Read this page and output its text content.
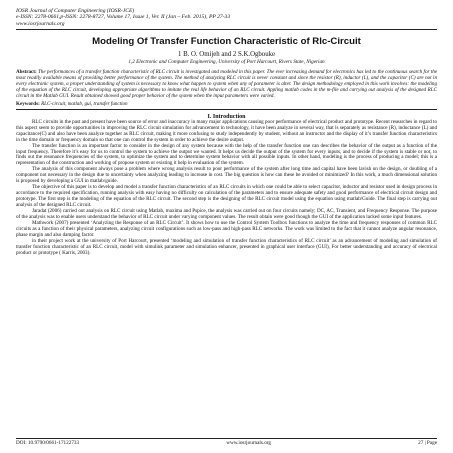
IOSR Journal of Computer Engineering (IOSR-JCE)
e-ISSN: 2278-0661,p-ISSN: 2278-8727, Volume 17, Issue 1, Ver. II (Jan – Feb. 2015), PP 27-33
www.iosrjournals.org
Modeling Of Transfer Function Characteristic of Rlc-Circuit
1 B. O. Omijeh and 2 S.K.Ogbouke
1,2 Electronic and Computer Engineering, University of Port Harcourt, Rivers State, Nigerian
Abstract: The performances of a transfer function characteristic of RLC circuit is investigated and modeled in this paper. The ever increasing demand for electronics has led to the continuous search for the most readily available means of providing better performance of the system. The method of analyzing RLC circuit is never constant and since the resistor (R), inductor (L), and the capacitor (C) are not in every electronic system, a proper understanding of system is necessary to know what happen to system when any of parameter is alter. The design methodology employed in this work involves: the modeling of the equation of the RLC circuit, developing appropriate algorithms to imitate the real life behavior of an RLC circuit. Appling matlab codes in the m-file and carrying out analysis of the designed RLC circuit in the Matlab GUI. Result obtained showed good proper behavior of the system when the input parameters were varied.
Keywords: RLC-circuit, matlab, gui, transfer function
I. Introduction

RLC circuits in the past and present have been source of error and inaccuracy in many major applications causing poor performance of electrical product and prototype. Recent researches in regard to this aspect seem to provide opportunities in improving the RLC circuit simulation for advancement in technology, it have been analyze in several way, that is separately as resistance (R), inductance (L) and capacitance(C) and also have been analyze together as RLC circuit, making it more confusing to study independently by student, without an instructor and the display of it’s transfer function characteristics in the time domain or frequency domain so that one can control the system in order to achieve the desire output.

The transfer function is an important factor to consider in the design of any system because with the help of the transfer function one can describes the behavior of the output as a function of the input frequency. Therefore it’s easy for us to control the system to achieve the output we wanted. It helps us decide the output of the system for every inputs, and to decide if the system is stable or not, to finds out the resonance frequencies of the system, to optimize the system and to determine system behavior with all possible inputs. In other hand, modeling is the process of producing a model; this is a representation of the construction and working of propose system or existing it help in evaluation of the system.

The analysis of this component always pose a problem where wrong analysis result to poor performance of the system after long time and capital have been lavish on the design, or doubling of a component not necessary in the design due to uncertainty when analyzing leading to increase in cost. The big question is how can these be avoided or minimized? In this work, a much dimensional solution is proposed by developing a GUI in matlab/guide.

The objective of this paper is to develop and model a transfer function characteristics of an RLC circuits in which one could be able to select capacitor, inductor and resistor used in design process in accordance to the required specification, running analysis with easy having no difficulty on calculation of the parameters and to ensure adequate safety and good performance of electrical circuit design and prototype. The first step is the modeling of the equation of the RLC circuit. The second step is the designing of the RLC circuit model using the equation using matlab/Guide. The final step is carrying out analysis of the designed RLC circuit.

Jaradat (2006) carried out analysis on RLC circuit using Matlab, maxima and Pspice, the analysis was carried out on four circuits namely; DC, AC, Transient, and Frequency Response. The purpose of the analysis was to enable users understand the behavior of RLC circuit under varying component values. The result obtain were good though the GUI of the application lacked some input features.

Mathwork (2007) presented ‘Analyzing the Response of an RLC Circuit’. It shows how to use the Control System Toolbox functions to analyze the time and frequency responses of common RLC circuits as a function of their physical parameters, analyzing circuit configurations such as low-pass and high-pass RLC networks. The work was limited to the fact that it cannot analyze angular resonance, phase margin and also damping factor.

in their project work at the university of Port Harcourt, presented ‘modeling and simulation of transfer function characteristics of RLC circuit’ as an advancement of modeling and simulation of transfer function characteristic of an RLC circuit, model with simulink parameter and simulation enhancer, presented in graphical user interface (GUI), For better understanding and accuracy of electrical product or prototype ( Karris, 2003).

DOI: 10.9790/0661-17122733	www.iosrjournals.org	27 | Page
